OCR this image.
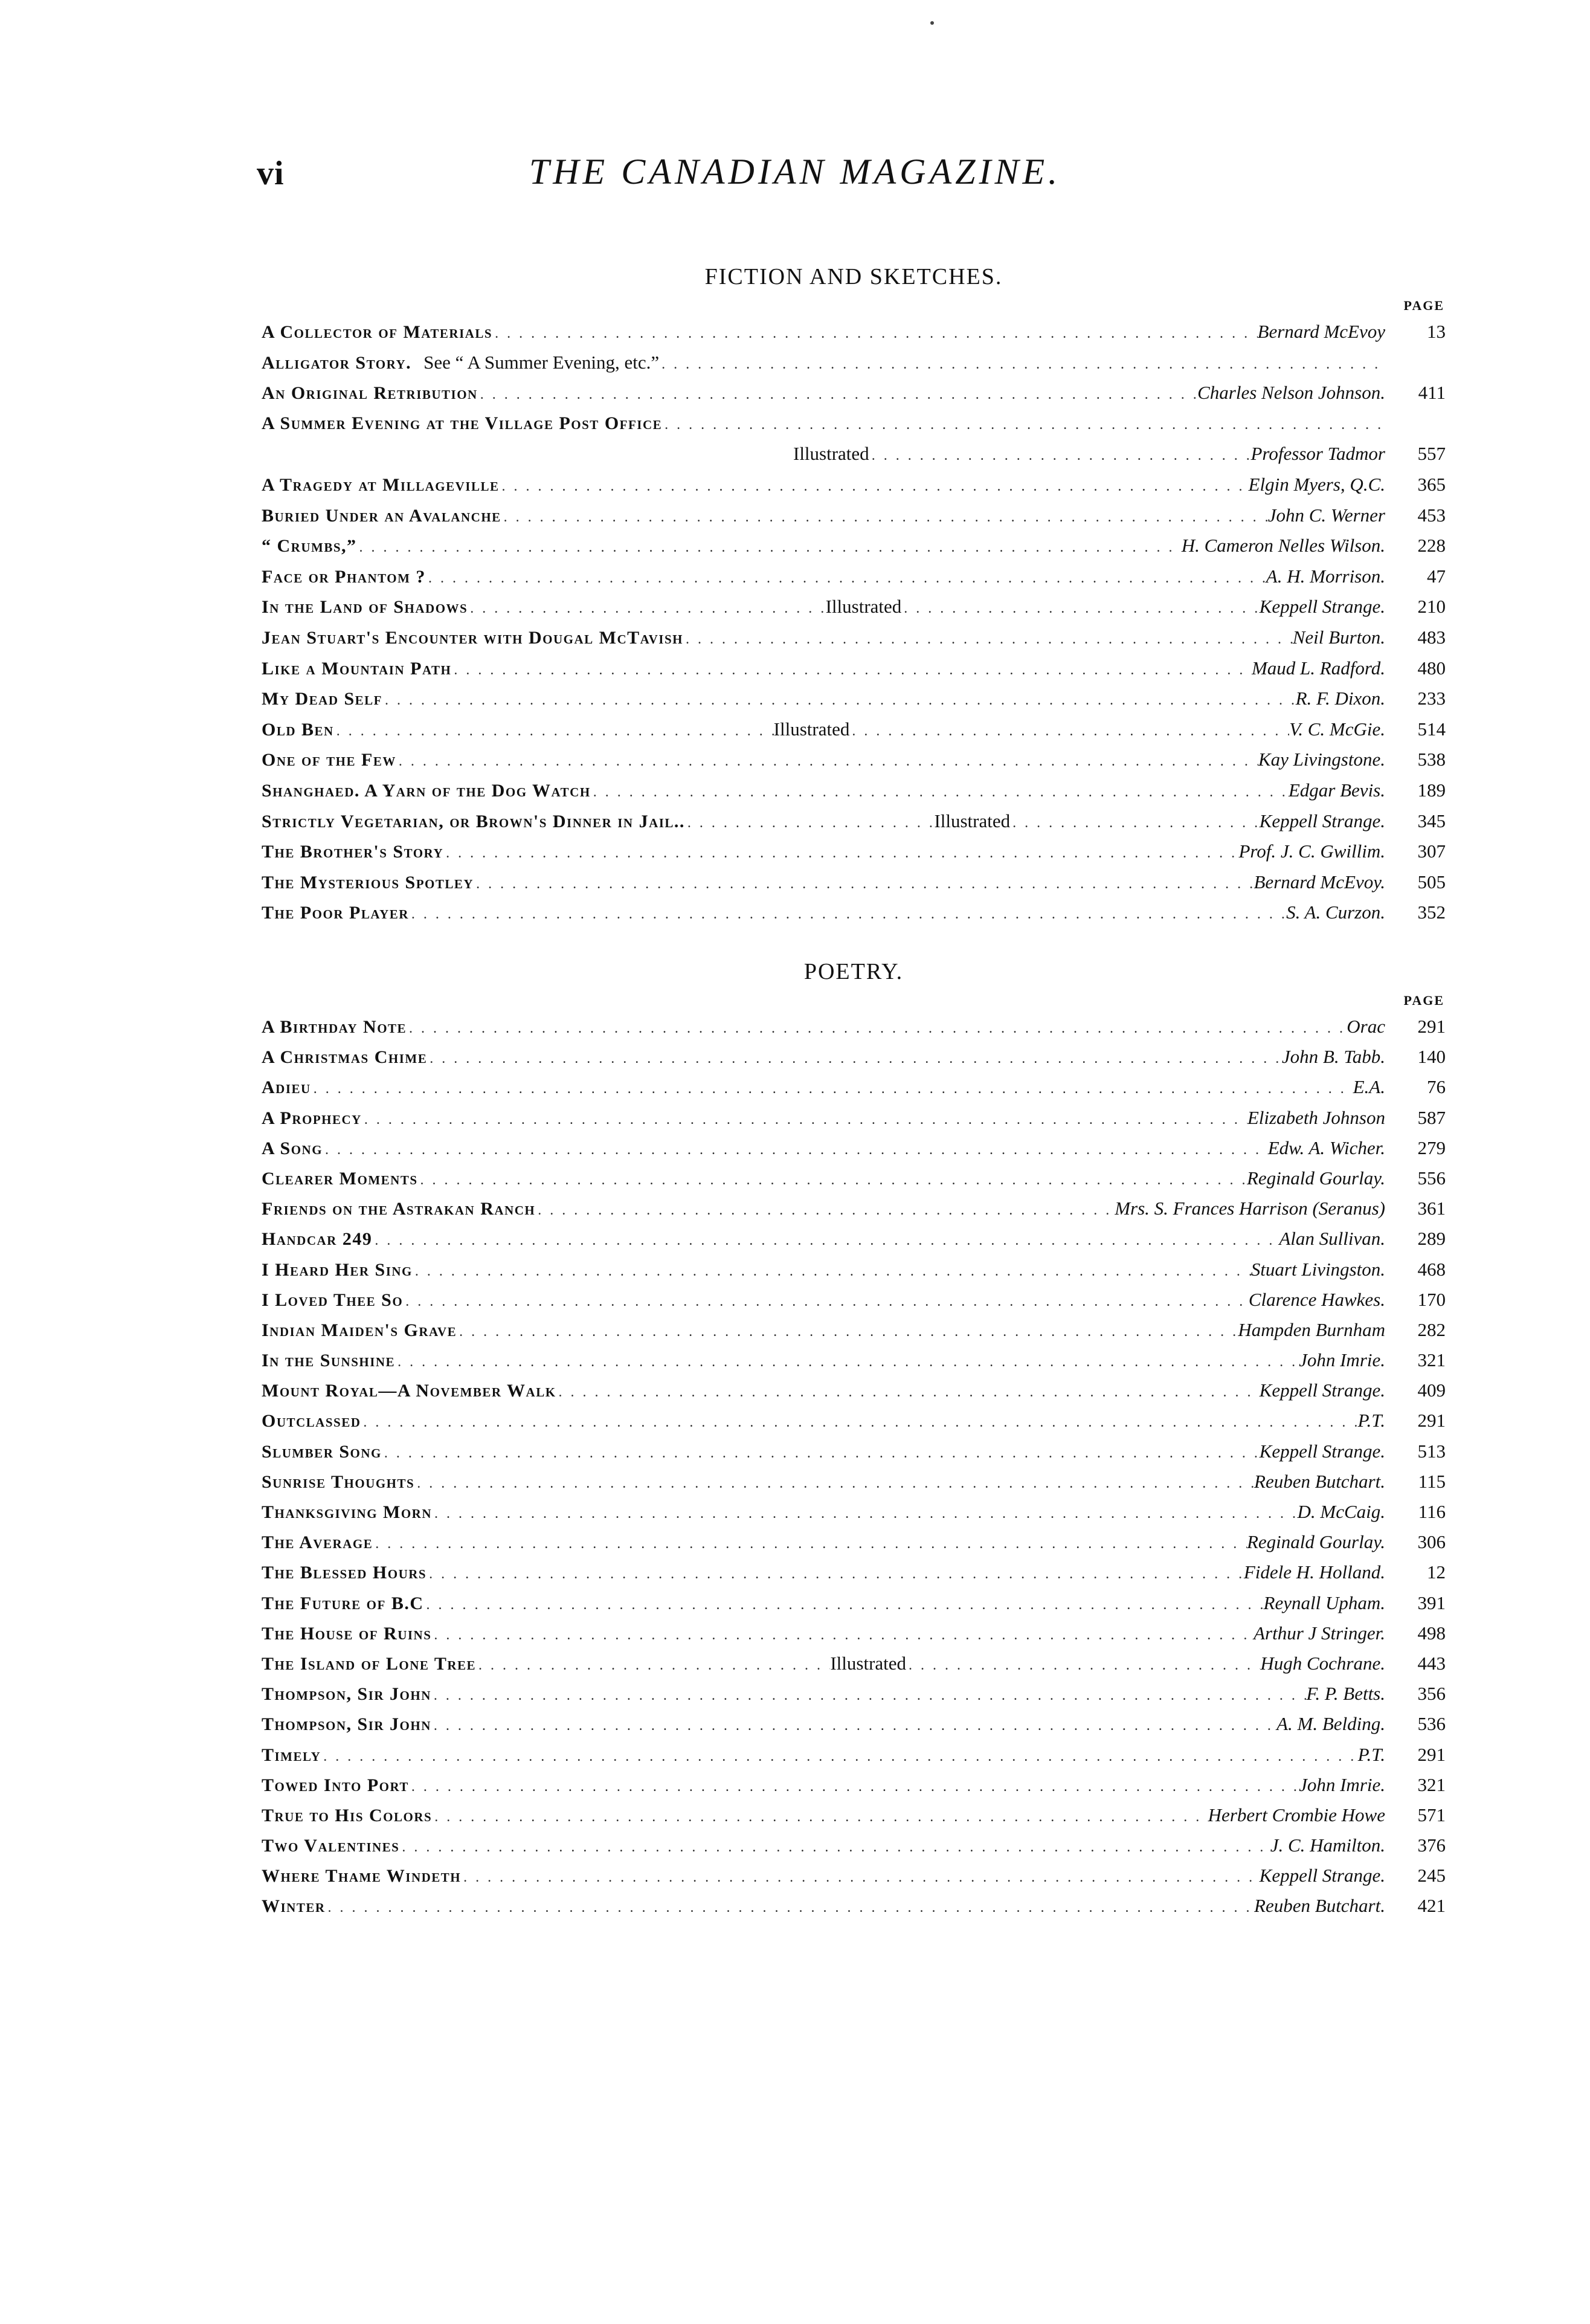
vi	THE CANADIAN MAGAZINE.
FICTION AND SKETCHES.
PAGE
A Collector of Materials . . .	Bernard McEvoy	13
Alligator Story. See “ A Summer Evening, etc.”
. . .
An Original Retribution . . .	Charles Nelson Johnson.	411
A Summer Evening at the Village Post Office
. . .
Illustrated . . .	Professor Tadmor	557
A Tragedy at Millageville . . .	Elgin Myers, Q.C.	365
Buried Under an Avalanche . . .	John C. Werner	453
“ Crumbs,” . . .	H. Cameron Nelles Wilson.	228
Face or Phantom ? . . .	A. H. Morrison.	47
In the Land of Shadows . . .	Illustrated . . .	Keppell Strange.	210
Jean Stuart's Encounter with Dougal McTavish . . .	Neil Burton.	483
Like a Mountain Path . . .	Maud L. Radford.	480
My Dead Self . . .	R. F. Dixon.	233
Old Ben . . .	Illustrated . . .	V. C. McGie.	514
One of the Few . . .	Kay Livingstone.	538
Shanghaed. A Yarn of the Dog Watch . . .	Edgar Bevis.	189
Strictly Vegetarian, or Brown's Dinner in Jail.. . . .	Illustrated . . .	Keppell Strange.	345
The Brother's Story . . .	Prof. J. C. Gwillim.	307
The Mysterious Spotley . . .	Bernard McEvoy.	505
The Poor Player . . .	S. A. Curzon.	352
POETRY.
PAGE
A Birthday Note . . .	Orac	291
A Christmas Chime . . .	John B. Tabb.	140
Adieu . . .	E.A.	76
A Prophecy . . .	Elizabeth Johnson	587
A Song . . .	Edw. A. Wicher.	279
Clearer Moments . . .	Reginald Gourlay.	556
Friends on the Astrakan Ranch . . .	Mrs. S. Frances Harrison (Seranus)	361
Handcar 249 . . .	Alan Sullivan.	289
I Heard Her Sing . . .	Stuart Livingston.	468
I Loved Thee So . . .	Clarence Hawkes.	170
Indian Maiden's Grave . . .	Hampden Burnham	282
In the Sunshine . . .	John Imrie.	321
Mount Royal—A November Walk . . .	Keppell Strange.	409
Outclassed . . .	P.T.	291
Slumber Song . . .	Keppell Strange.	513
Sunrise Thoughts . . .	Reuben Butchart.	115
Thanksgiving Morn . . .	D. McCaig.	116
The Average . . .	Reginald Gourlay.	306
The Blessed Hours . . .	Fidele H. Holland.	12
The Future of B.C . . .	Reynall Upham.	391
The House of Ruins . . .	Arthur J Stringer.	498
The Island of Lone Tree . . .	Illustrated . . .	Hugh Cochrane.	443
Thompson, Sir John . . .	F. P. Betts.	356
Thompson, Sir John . . .	A. M. Belding.	536
Timely . . .	P.T.	291
Towed Into Port . . .	John Imrie.	321
True to His Colors . . .	Herbert Crombie Howe	571
Two Valentines . . .	J. C. Hamilton.	376
Where Thame Windeth . . .	Keppell Strange.	245
Winter . . .	Reuben Butchart.	421
